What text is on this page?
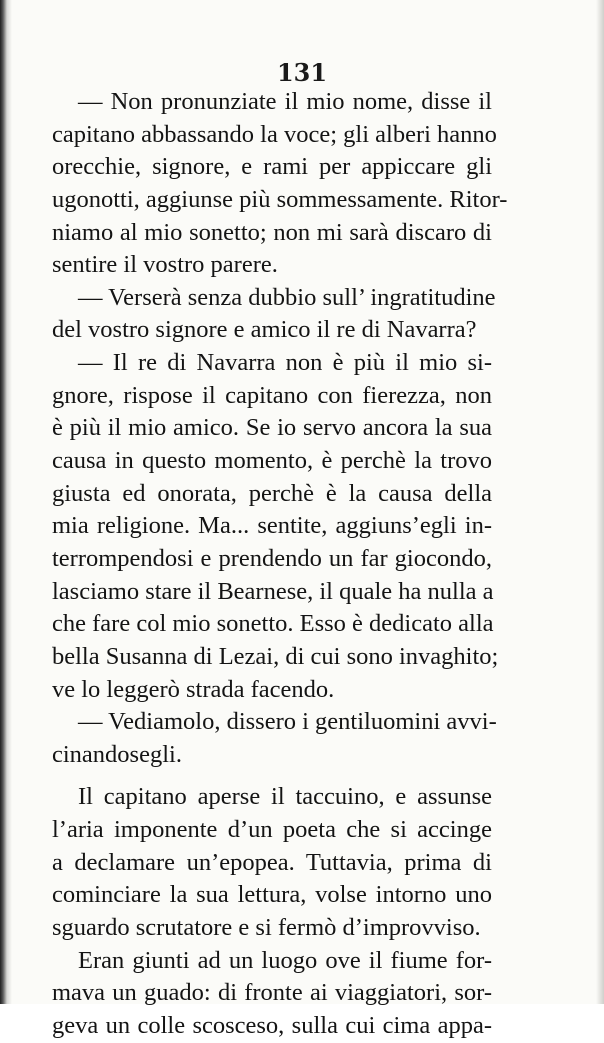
131
— Non pronunziate il mio nome, disse il
capitano abbassando la voce; gli alberi hanno
orecchie, signore, e rami per appiccare gli
ugonotti, aggiunse più sommessamente. Ritor-
niamo al mio sonetto; non mi sarà discaro di
sentire il vostro parere.
— Verserà senza dubbio sull’ ingratitudine
del vostro signore e amico il re di Navarra?
— Il re di Navarra non è più il mio si-
gnore, rispose il capitano con fierezza, non
è più il mio amico. Se io servo ancora la sua
causa in questo momento, è perchè la trovo
giusta ed onorata, perchè è la causa della
mia religione. Ma... sentite, aggiuns’egli in-
terrompendosi e prendendo un far giocondo,
lasciamo stare il Bearnese, il quale ha nulla a
che fare col mio sonetto. Esso è dedicato alla
bella Susanna di Lezai, di cui sono invaghito;
ve lo leggerò strada facendo.
— Vediamolo, dissero i gentiluomini avvi-
cinandosegli.
Il capitano aperse il taccuino, e assunse
l’aria imponente d’un poeta che si accinge
a declamare un’epopea. Tuttavia, prima di
cominciare la sua lettura, volse intorno uno
sguardo scrutatore e si fermò d’improvviso.
Eran giunti ad un luogo ove il fiume for-
mava un guado: di fronte ai viaggiatori, sor-
geva un colle scosceso, sulla cui cima appa-
